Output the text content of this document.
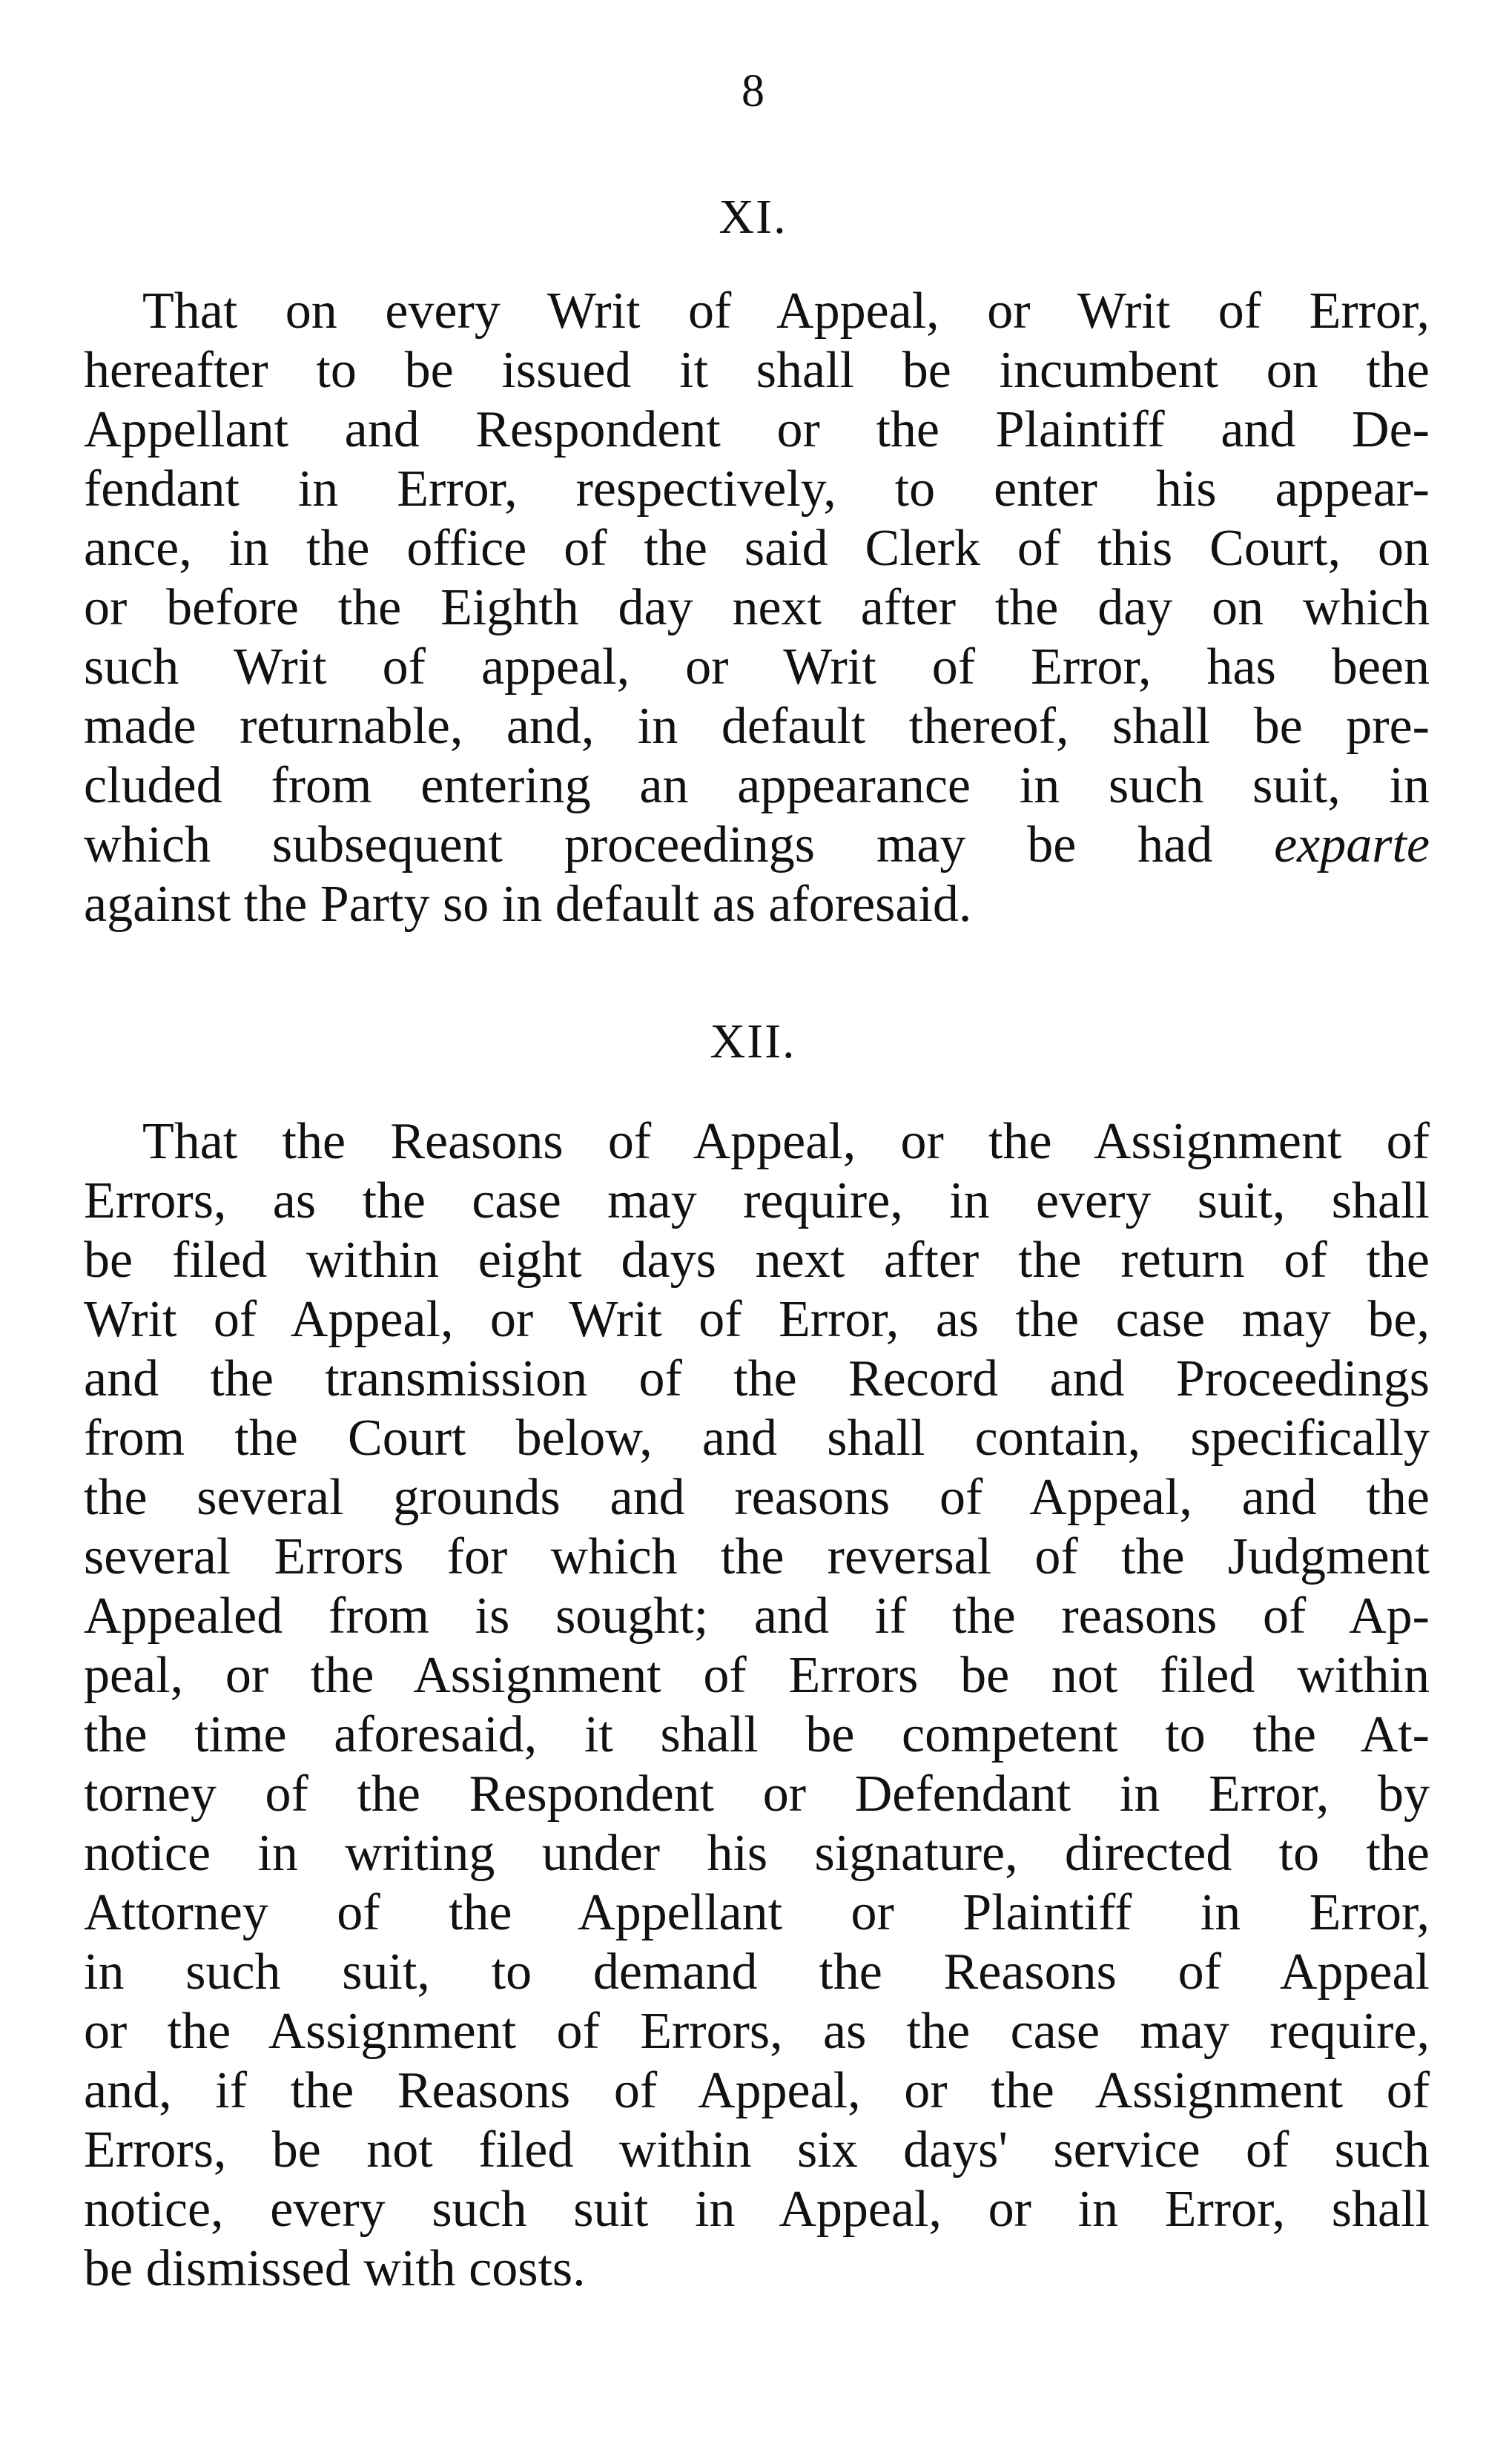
8
XI.
That on every Writ of Appeal, or Writ of Error,
hereafter to be issued it shall be incumbent on the
Appellant and Respondent or the Plaintiff and De-
fendant in Error, respectively, to enter his appear-
ance, in the office of the said Clerk of this Court, on
or before the Eighth day next after the day on which
such Writ of appeal, or Writ of Error, has been
made returnable, and, in default thereof, shall be pre-
cluded from entering an appearance in such suit, in
which subsequent proceedings may be had exparte
against the Party so in default as aforesaid.
XII.
That the Reasons of Appeal, or the Assignment of
Errors, as the case may require, in every suit, shall
be filed within eight days next after the return of the
Writ of Appeal, or Writ of Error, as the case may be,
and the transmission of the Record and Proceedings
from the Court below, and shall contain, specifically
the several grounds and reasons of Appeal, and the
several Errors for which the reversal of the Judgment
Appealed from is sought; and if the reasons of Ap-
peal, or the Assignment of Errors be not filed within
the time aforesaid, it shall be competent to the At-
torney of the Respondent or Defendant in Error, by
notice in writing under his signature, directed to the
Attorney of the Appellant or Plaintiff in Error,
in such suit, to demand the Reasons of Appeal
or the Assignment of Errors, as the case may require,
and, if the Reasons of Appeal, or the Assignment of
Errors, be not filed within six days' service of such
notice, every such suit in Appeal, or in Error, shall
be dismissed with costs.
